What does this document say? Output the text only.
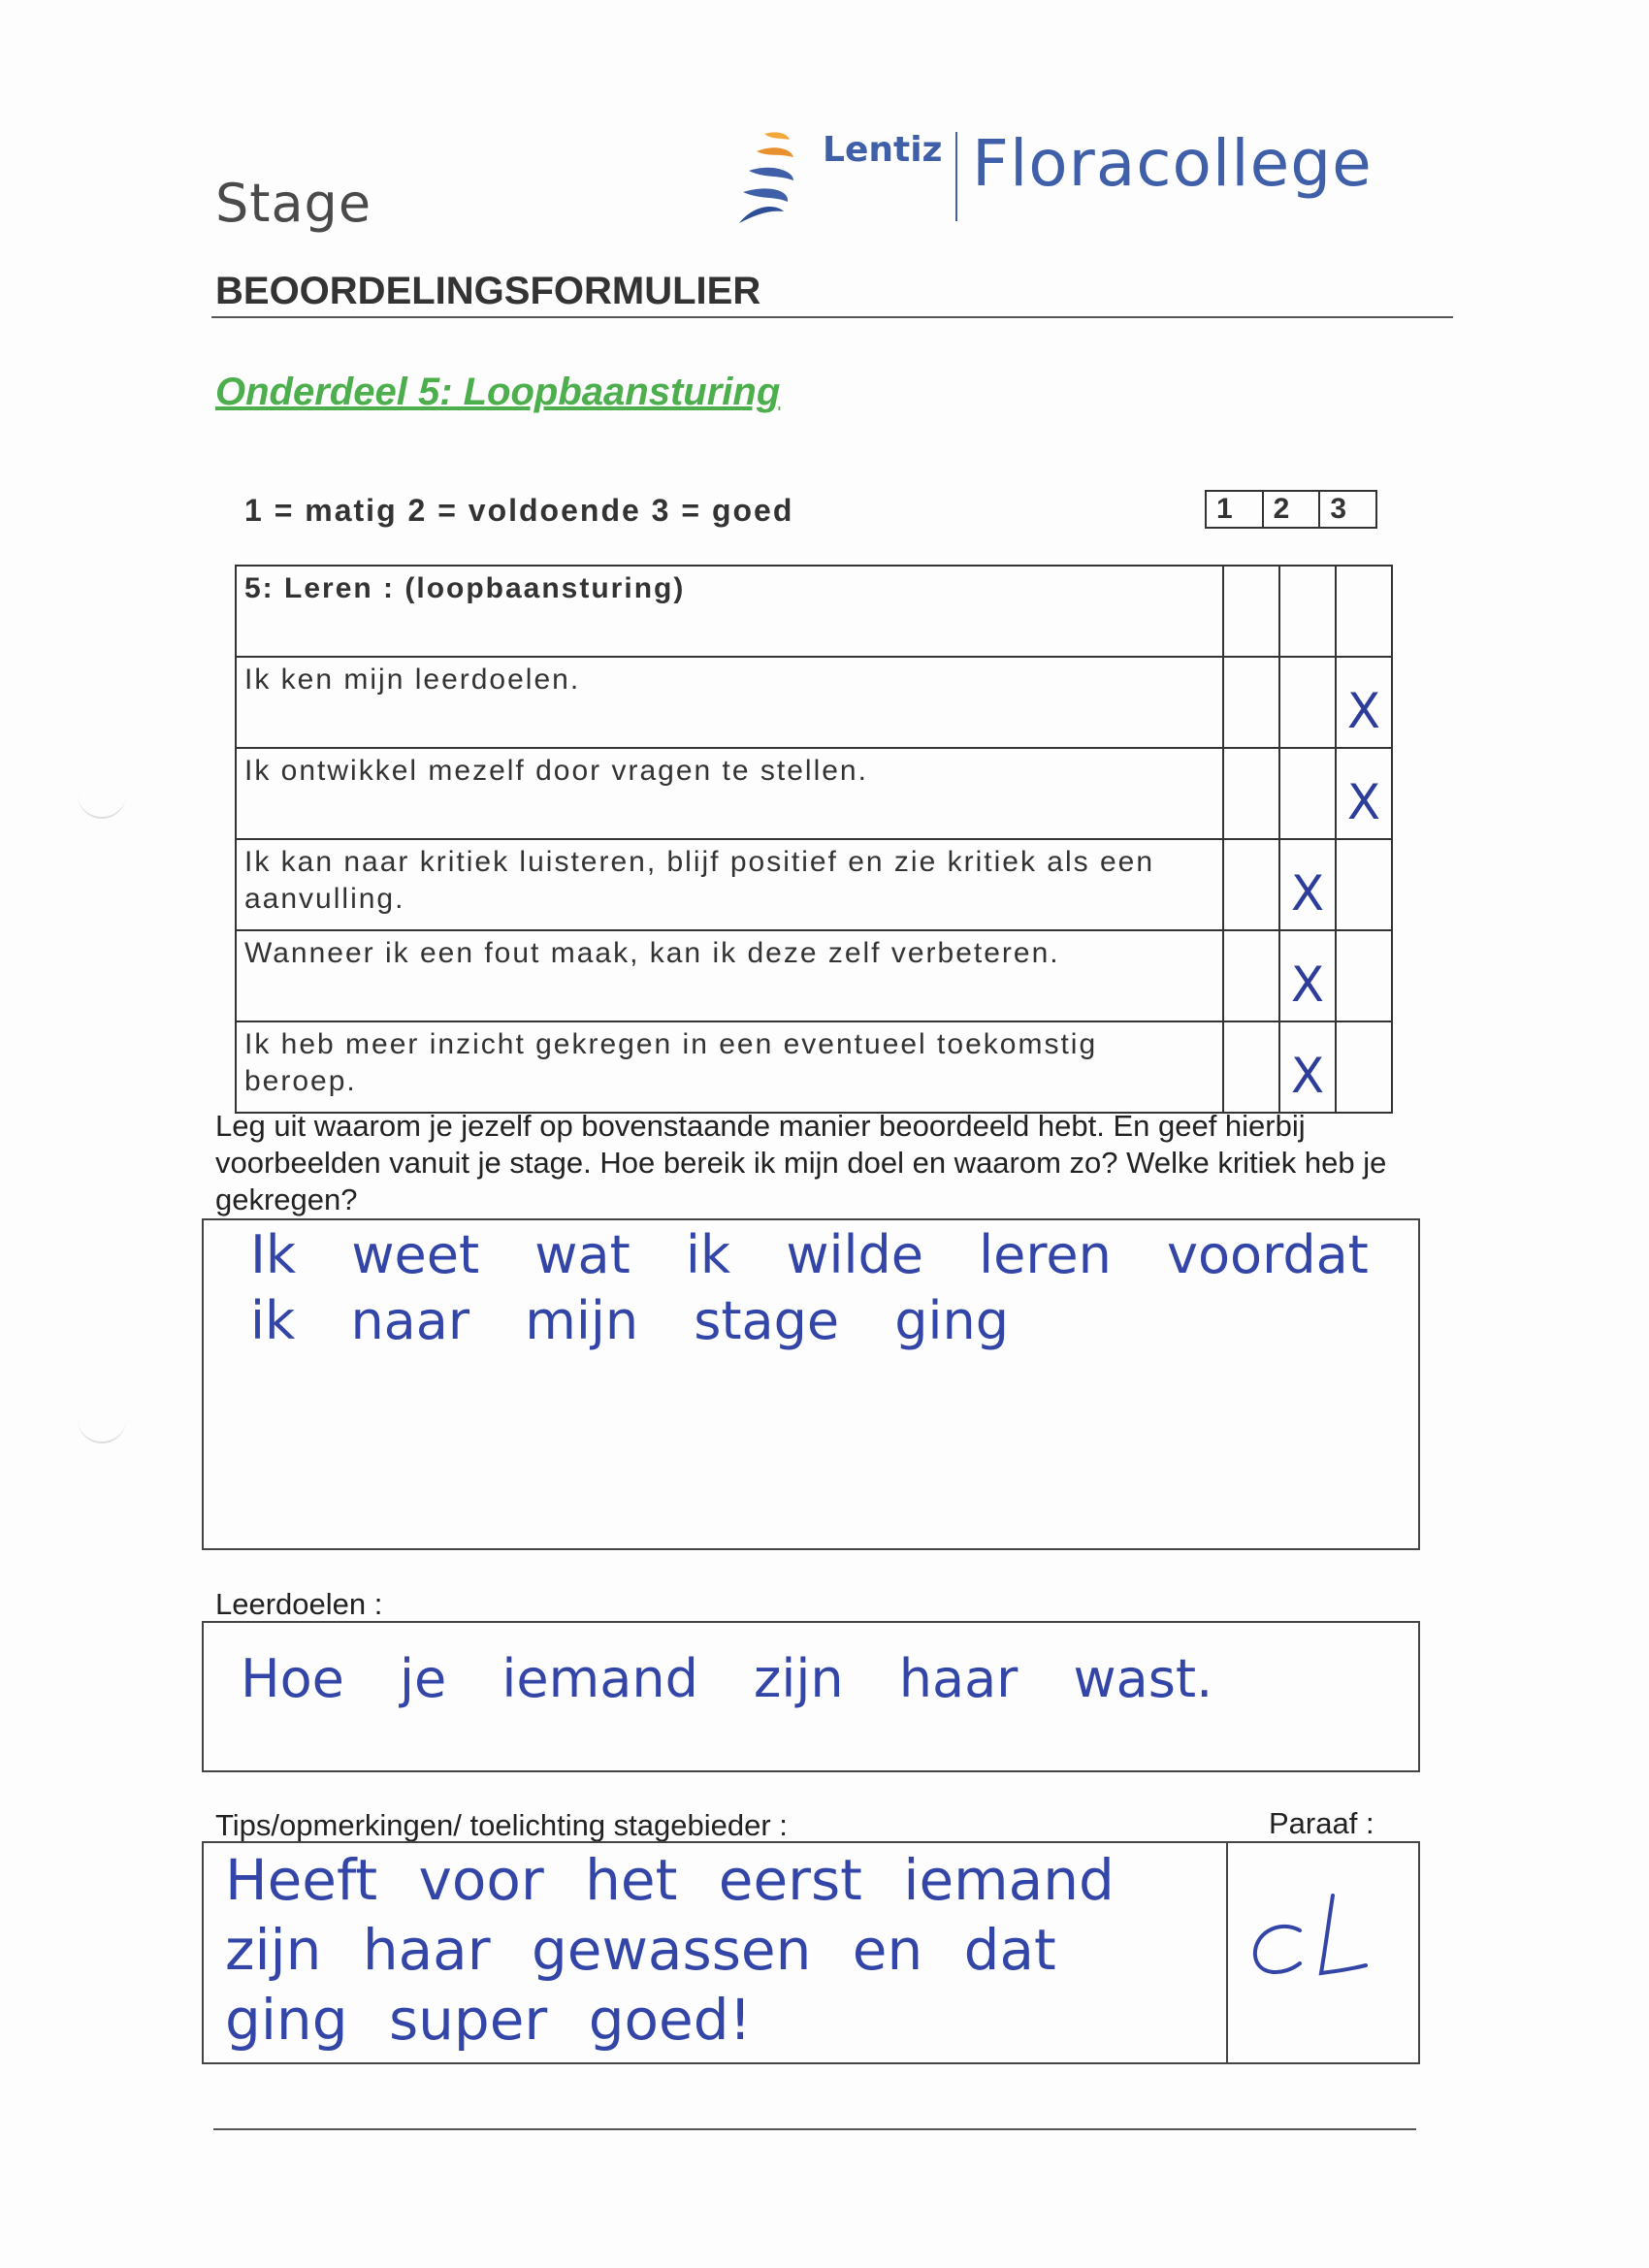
Stage
Lentiz Floracollege
BEOORDELINGSFORMULIER
Onderdeel 5: Loopbaansturing
1 = matig 2 = voldoende 3 = goed	1	2	3
5: Leren : (loopbaansturing)			
Ik ken mijn leerdoelen.			X
Ik ontwikkel mezelf door vragen te stellen.			X
Ik kan naar kritiek luisteren, blijf positief en zie kritiek als een aanvulling.		X	
Wanneer ik een fout maak, kan ik deze zelf verbeteren.		X	
Ik heb meer inzicht gekregen in een eventueel toekomstig beroep.		X	
Leg uit waarom je jezelf op bovenstaande manier beoordeeld hebt. En geef hierbij voorbeelden vanuit je stage. Hoe bereik ik mijn doel en waarom zo? Welke kritiek heb je gekregen?
Ik weet wat ik wilde leren voordat ik naar mijn stage ging
Leerdoelen :
Hoe je iemand zijn haar wast.
Tips/opmerkingen/ toelichting stagebieder :	Paraaf :
Heeft voor het eerst iemand zijn haar gewassen en dat ging super goed!
